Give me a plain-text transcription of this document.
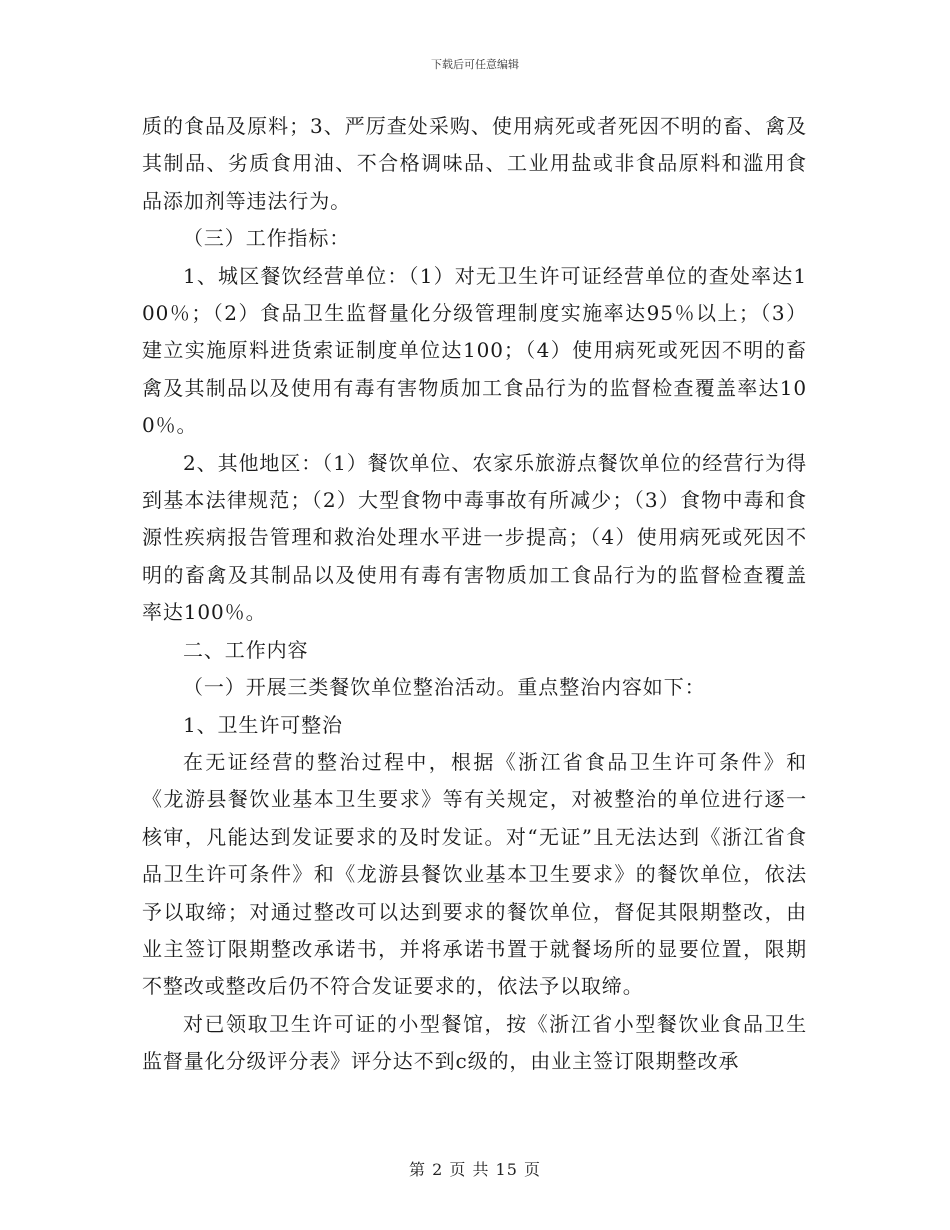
下载后可任意编辑

质的食品及原料；3、严厉查处采购、使用病死或者死因不明的畜、禽及其制品、劣质食用油、不合格调味品、工业用盐或非食品原料和滥用食品添加剂等违法行为。

（三）工作指标：

1、城区餐饮经营单位：（1）对无卫生许可证经营单位的查处率达100％；（2）食品卫生监督量化分级管理制度实施率达95％以上；（3）建立实施原料进货索证制度单位达100；（4）使用病死或死因不明的畜禽及其制品以及使用有毒有害物质加工食品行为的监督检查覆盖率达100％。

2、其他地区：（1）餐饮单位、农家乐旅游点餐饮单位的经营行为得到基本法律规范；（2）大型食物中毒事故有所减少；（3）食物中毒和食源性疾病报告管理和救治处理水平进一步提高；（4）使用病死或死因不明的畜禽及其制品以及使用有毒有害物质加工食品行为的监督检查覆盖率达100％。

二、工作内容

（一）开展三类餐饮单位整治活动。重点整治内容如下：

1、卫生许可整治

在无证经营的整治过程中，根据《浙江省食品卫生许可条件》和《龙游县餐饮业基本卫生要求》等有关规定，对被整治的单位进行逐一核审，凡能达到发证要求的及时发证。对“无证”且无法达到《浙江省食品卫生许可条件》和《龙游县餐饮业基本卫生要求》的餐饮单位，依法予以取缔；对通过整改可以达到要求的餐饮单位，督促其限期整改，由业主签订限期整改承诺书，并将承诺书置于就餐场所的显要位置，限期不整改或整改后仍不符合发证要求的，依法予以取缔。

对已领取卫生许可证的小型餐馆，按《浙江省小型餐饮业食品卫生监督量化分级评分表》评分达不到c级的，由业主签订限期整改承

第 2 页 共 15 页
